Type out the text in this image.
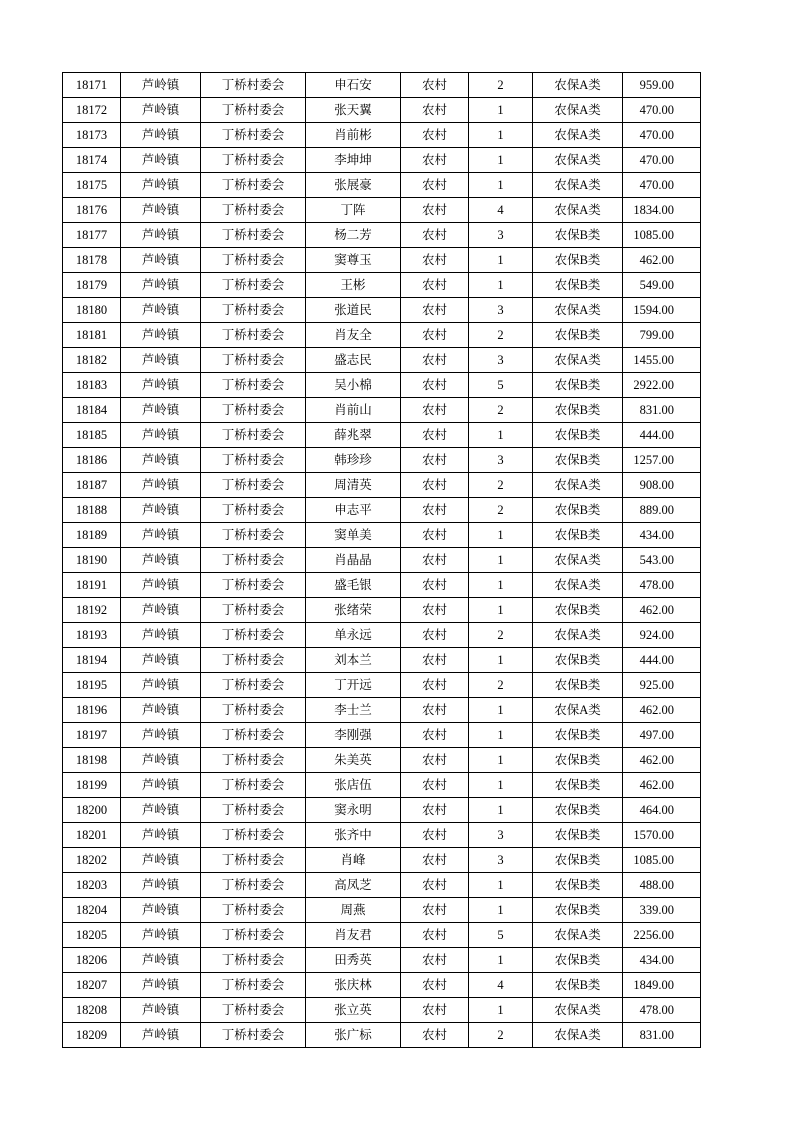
18171	芦岭镇	丁桥村委会	申石安	农村	2	农保A类	959.00
18172	芦岭镇	丁桥村委会	张天翼	农村	1	农保A类	470.00
18173	芦岭镇	丁桥村委会	肖前彬	农村	1	农保A类	470.00
18174	芦岭镇	丁桥村委会	李坤坤	农村	1	农保A类	470.00
18175	芦岭镇	丁桥村委会	张展豪	农村	1	农保A类	470.00
18176	芦岭镇	丁桥村委会	丁阵	农村	4	农保A类	1834.00
18177	芦岭镇	丁桥村委会	杨二芳	农村	3	农保B类	1085.00
18178	芦岭镇	丁桥村委会	窦尊玉	农村	1	农保B类	462.00
18179	芦岭镇	丁桥村委会	王彬	农村	1	农保B类	549.00
18180	芦岭镇	丁桥村委会	张道民	农村	3	农保A类	1594.00
18181	芦岭镇	丁桥村委会	肖友全	农村	2	农保B类	799.00
18182	芦岭镇	丁桥村委会	盛志民	农村	3	农保A类	1455.00
18183	芦岭镇	丁桥村委会	吴小棉	农村	5	农保B类	2922.00
18184	芦岭镇	丁桥村委会	肖前山	农村	2	农保B类	831.00
18185	芦岭镇	丁桥村委会	薛兆翠	农村	1	农保B类	444.00
18186	芦岭镇	丁桥村委会	韩珍珍	农村	3	农保B类	1257.00
18187	芦岭镇	丁桥村委会	周清英	农村	2	农保A类	908.00
18188	芦岭镇	丁桥村委会	申志平	农村	2	农保B类	889.00
18189	芦岭镇	丁桥村委会	窦单美	农村	1	农保B类	434.00
18190	芦岭镇	丁桥村委会	肖晶晶	农村	1	农保A类	543.00
18191	芦岭镇	丁桥村委会	盛毛银	农村	1	农保A类	478.00
18192	芦岭镇	丁桥村委会	张绪荣	农村	1	农保B类	462.00
18193	芦岭镇	丁桥村委会	单永远	农村	2	农保A类	924.00
18194	芦岭镇	丁桥村委会	刘本兰	农村	1	农保B类	444.00
18195	芦岭镇	丁桥村委会	丁开远	农村	2	农保B类	925.00
18196	芦岭镇	丁桥村委会	李士兰	农村	1	农保A类	462.00
18197	芦岭镇	丁桥村委会	李刚强	农村	1	农保B类	497.00
18198	芦岭镇	丁桥村委会	朱美英	农村	1	农保B类	462.00
18199	芦岭镇	丁桥村委会	张店伍	农村	1	农保B类	462.00
18200	芦岭镇	丁桥村委会	窦永明	农村	1	农保B类	464.00
18201	芦岭镇	丁桥村委会	张齐中	农村	3	农保B类	1570.00
18202	芦岭镇	丁桥村委会	肖峰	农村	3	农保B类	1085.00
18203	芦岭镇	丁桥村委会	高凤芝	农村	1	农保B类	488.00
18204	芦岭镇	丁桥村委会	周燕	农村	1	农保B类	339.00
18205	芦岭镇	丁桥村委会	肖友君	农村	5	农保A类	2256.00
18206	芦岭镇	丁桥村委会	田秀英	农村	1	农保B类	434.00
18207	芦岭镇	丁桥村委会	张庆林	农村	4	农保B类	1849.00
18208	芦岭镇	丁桥村委会	张立英	农村	1	农保A类	478.00
18209	芦岭镇	丁桥村委会	张广标	农村	2	农保A类	831.00
